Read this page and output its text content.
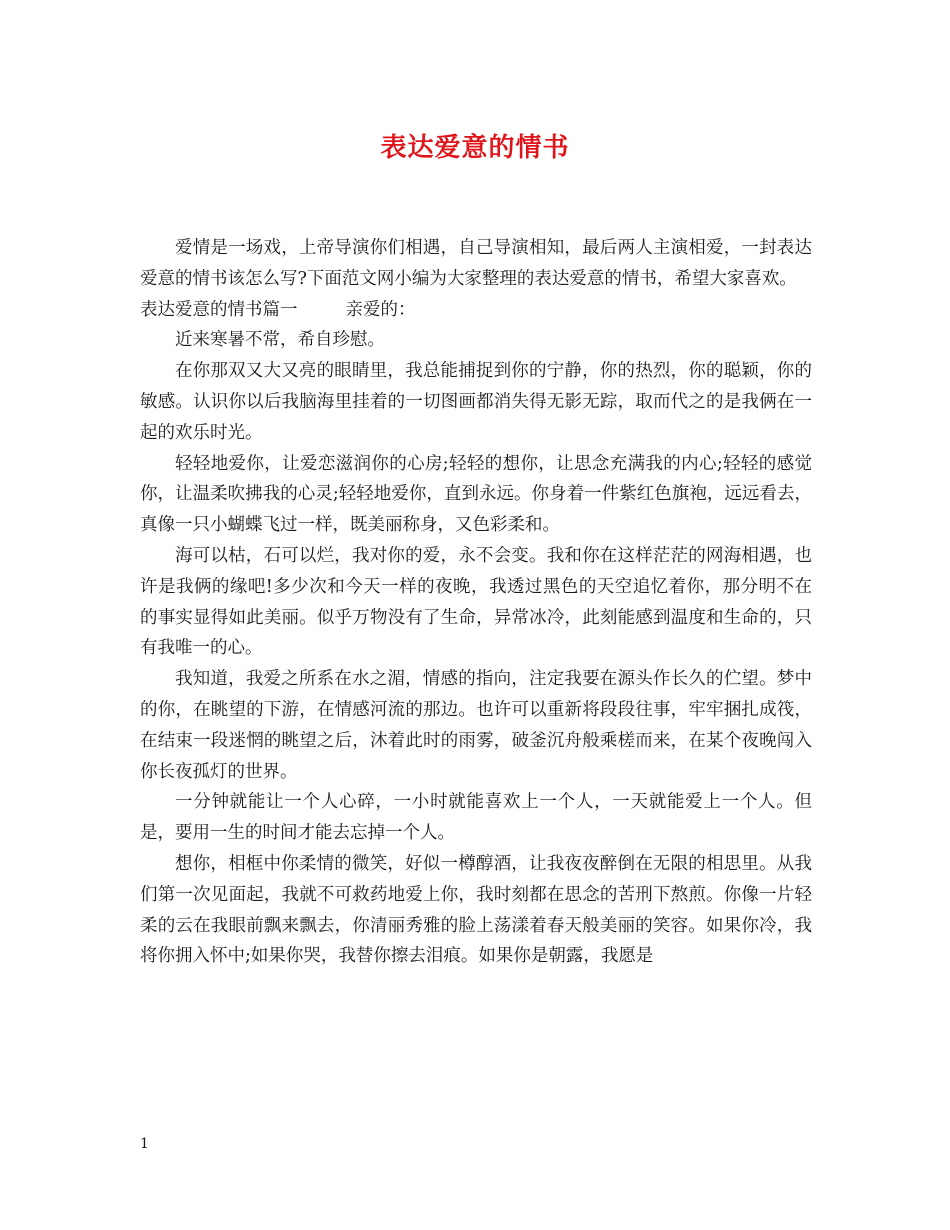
表达爱意的情书

爱情是一场戏，上帝导演你们相遇，自己导演相知，最后两人主演相爱，一封表达爱意的情书该怎么写?下面范文网小编为大家整理的表达爱意的情书，希望大家喜欢。

表达爱意的情书篇一	亲爱的：

近来寒暑不常，希自珍慰。

在你那双又大又亮的眼睛里，我总能捕捉到你的宁静，你的热烈，你的聪颖，你的敏感。认识你以后我脑海里挂着的一切图画都消失得无影无踪，取而代之的是我俩在一起的欢乐时光。

轻轻地爱你，让爱恋滋润你的心房;轻轻的想你，让思念充满我的内心;轻轻的感觉你，让温柔吹拂我的心灵;轻轻地爱你，直到永远。你身着一件紫红色旗袍，远远看去，真像一只小蝴蝶飞过一样，既美丽称身，又色彩柔和。

海可以枯，石可以烂，我对你的爱，永不会变。我和你在这样茫茫的网海相遇，也许是我俩的缘吧!多少次和今天一样的夜晚，我透过黑色的天空追忆着你，那分明不在的事实显得如此美丽。似乎万物没有了生命，异常冰冷，此刻能感到温度和生命的，只有我唯一的心。

我知道，我爱之所系在水之湄，情感的指向，注定我要在源头作长久的伫望。梦中的你，在眺望的下游，在情感河流的那边。也许可以重新将段段往事，牢牢捆扎成筏，在结束一段迷惘的眺望之后，沐着此时的雨雾，破釜沉舟般乘槎而来，在某个夜晚闯入你长夜孤灯的世界。

一分钟就能让一个人心碎，一小时就能喜欢上一个人，一天就能爱上一个人。但是，要用一生的时间才能去忘掉一个人。

想你，相框中你柔情的微笑，好似一樽醇酒，让我夜夜醉倒在无限的相思里。从我们第一次见面起，我就不可救药地爱上你，我时刻都在思念的苦刑下熬煎。你像一片轻柔的云在我眼前飘来飘去，你清丽秀雅的脸上荡漾着春天般美丽的笑容。如果你冷，我将你拥入怀中;如果你哭，我替你擦去泪痕。如果你是朝露，我愿是

1
